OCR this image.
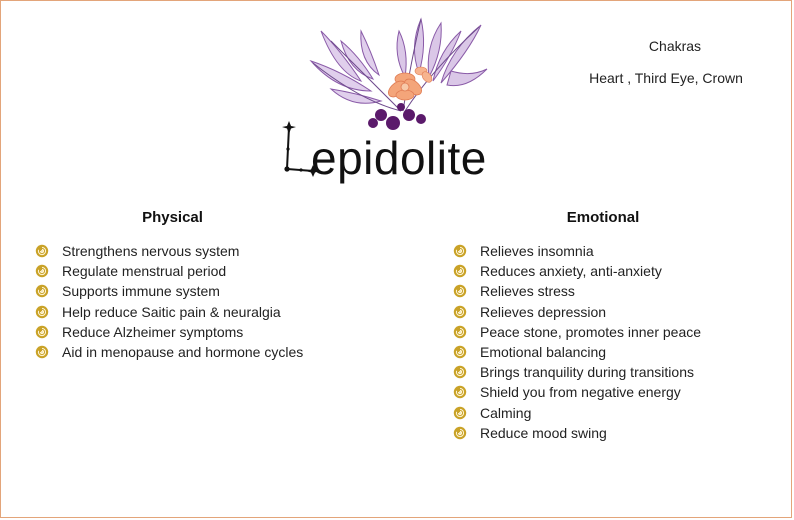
Chakras
Heart , Third Eye, Crown
epidolite
Physical
Strengthens nervous system
Regulate menstrual period
Supports immune system
Help reduce Saitic pain & neuralgia
Reduce Alzheimer symptoms
Aid in menopause and hormone cycles
Emotional
Relieves insomnia
Reduces anxiety, anti-anxiety
Relieves stress
Relieves depression
Peace stone, promotes inner peace
Emotional balancing
Brings tranquility during transitions
Shield you from negative energy
Calming
Reduce mood swing
